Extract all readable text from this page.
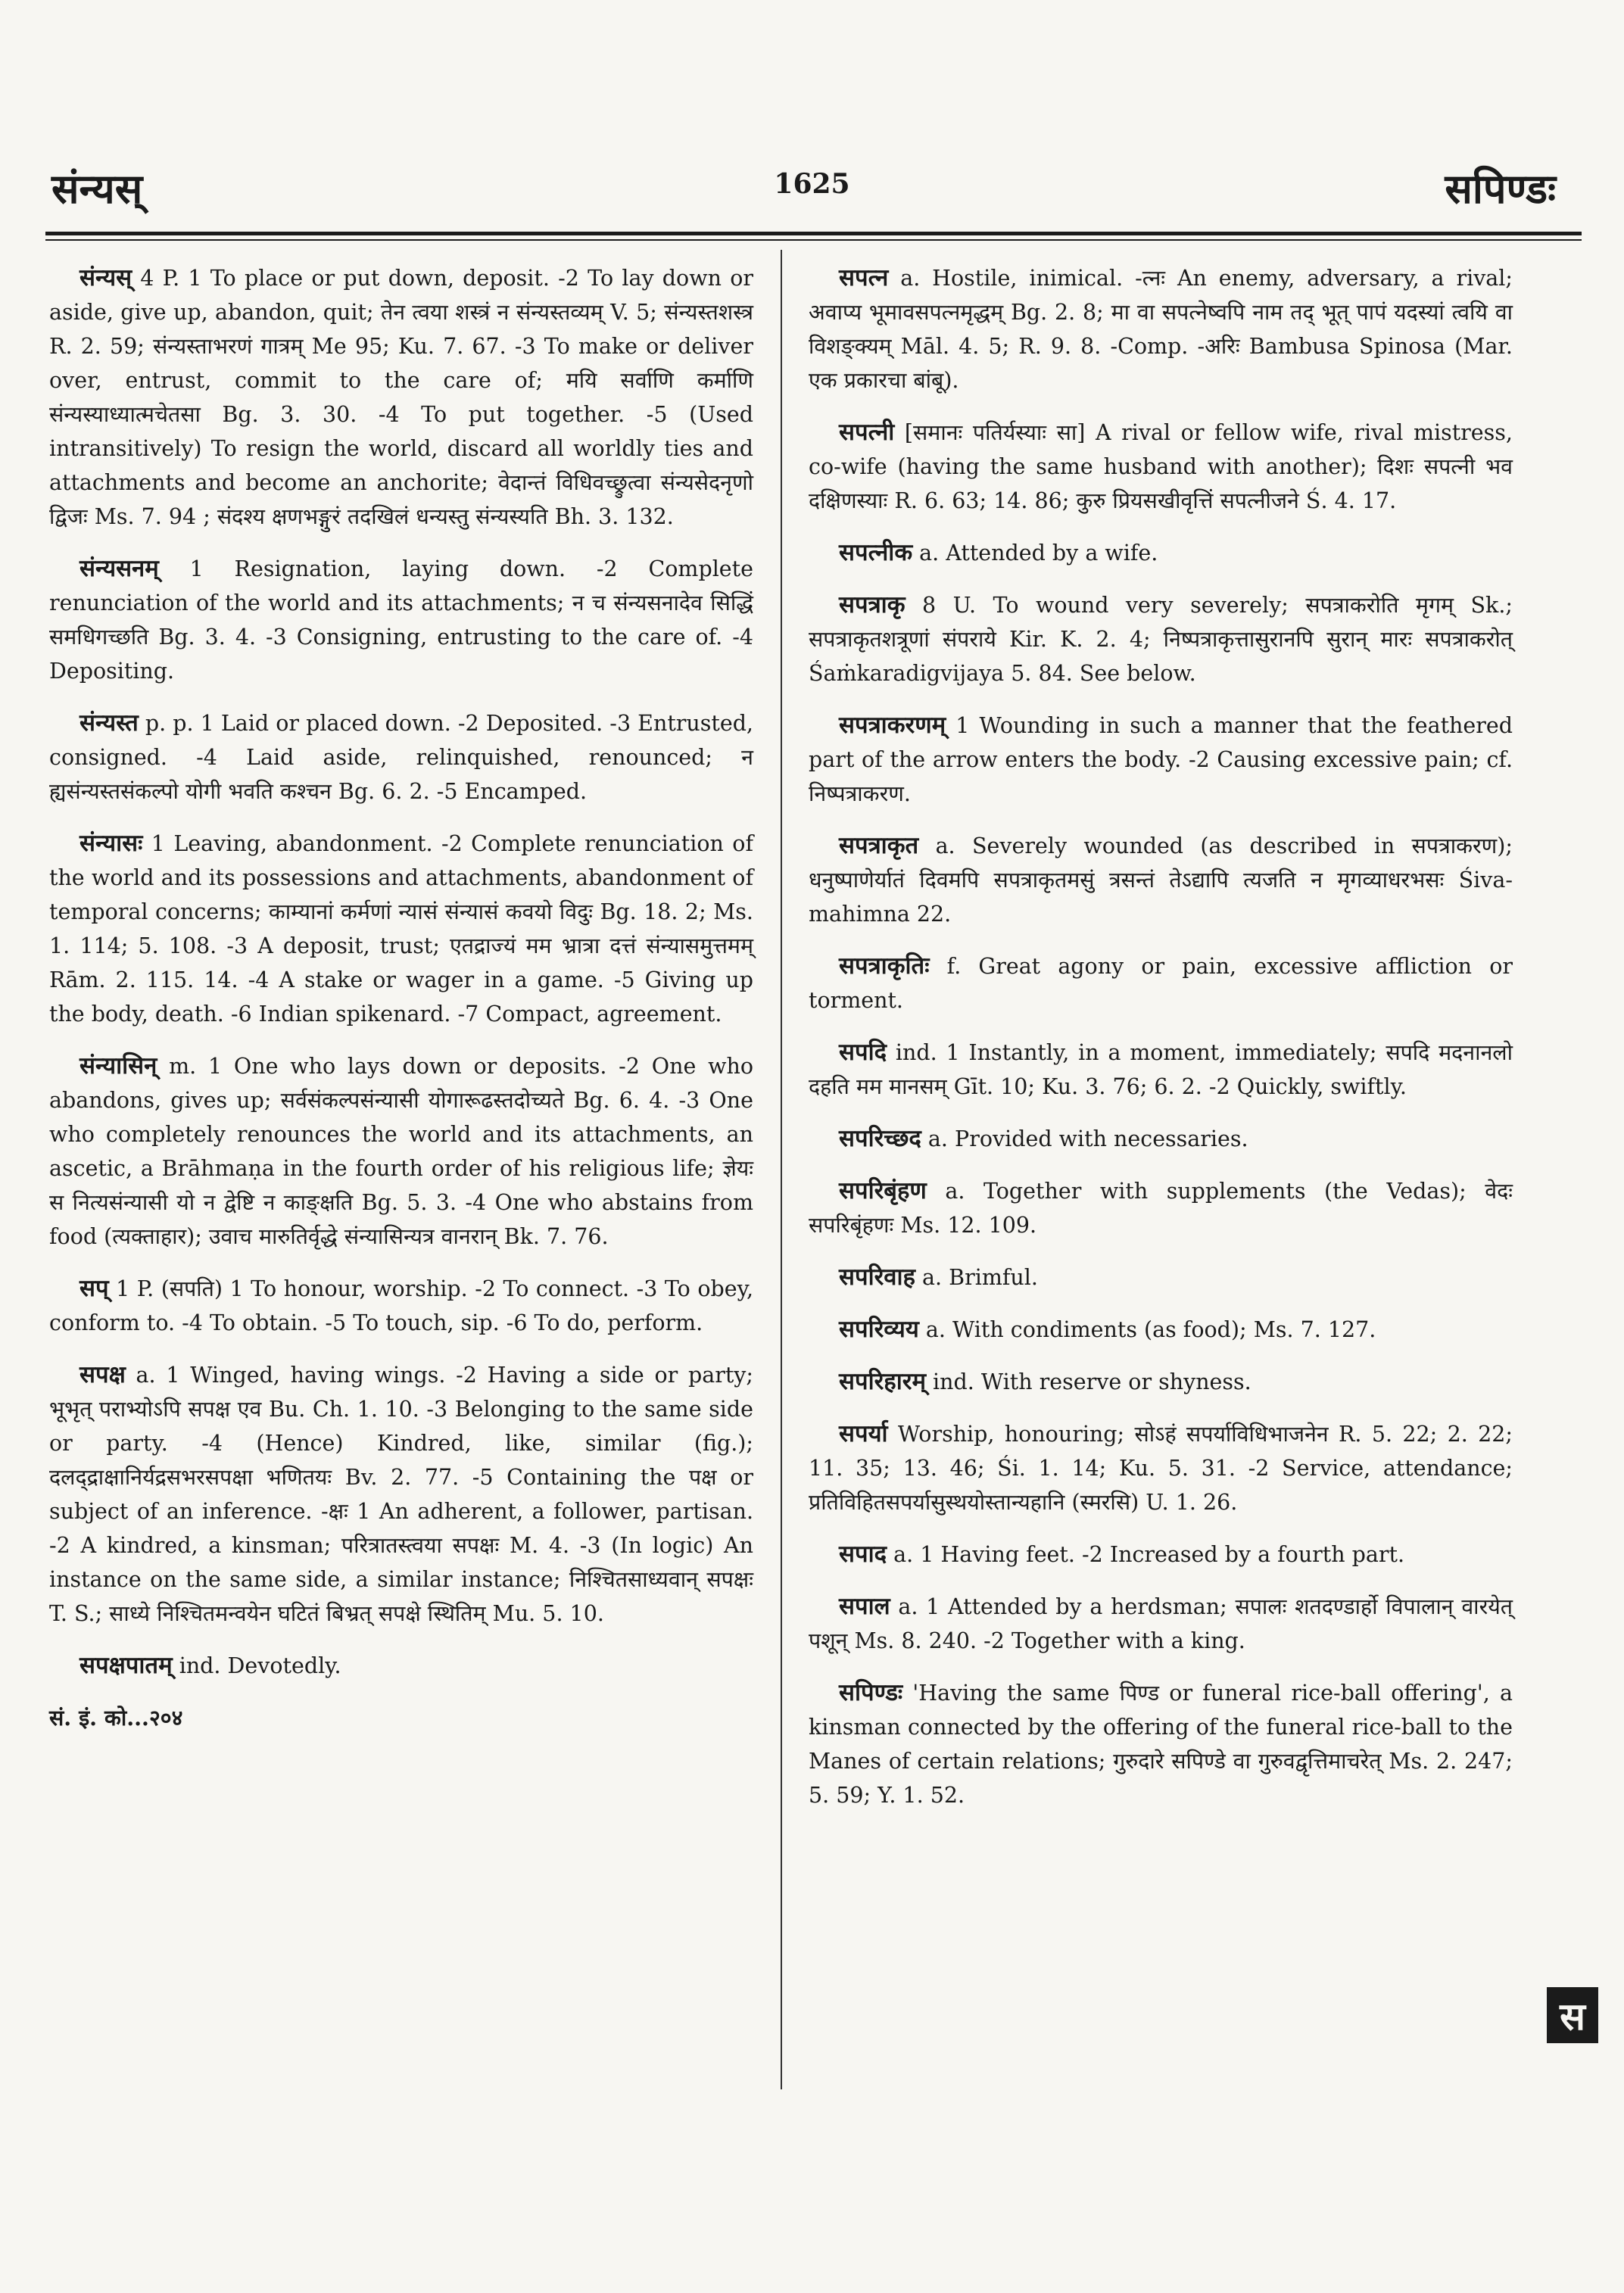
संन्यस्	1625	सपिण्डः

संन्यस् 4 P. 1 To place or put down, deposit. -2 To lay down or aside, give up, abandon, quit; तेन त्वया शस्त्रं न संन्यस्तव्यम् V. 5; संन्यस्तशस्त्र R. 2. 59; संन्यस्ताभरणं गात्रम् Me 95; Ku. 7. 67. -3 To make or deliver over, entrust, commit to the care of; मयि सर्वाणि कर्माणि संन्यस्याध्यात्मचेतसा Bg. 3. 30. -4 To put together. -5 (Used intransitively) To resign the world, discard all worldly ties and attachments and become an anchorite; वेदान्तं विधिवच्छ्रुत्वा संन्यसेदनृणो द्विजः Ms. 7. 94 ; संदश्य क्षणभङ्गुरं तदखिलं धन्यस्तु संन्यस्यति Bh. 3. 132.

संन्यसनम् 1 Resignation, laying down. -2 Complete renunciation of the world and its attachments; न च संन्यसनादेव सिद्धिं समधिगच्छति Bg. 3. 4. -3 Consigning, entrusting to the care of. -4 Depositing.

संन्यस्त p. p. 1 Laid or placed down. -2 Deposited. -3 Entrusted, consigned. -4 Laid aside, relinquished, renounced; न ह्यसंन्यस्तसंकल्पो योगी भवति कश्चन Bg. 6. 2. -5 Encamped.

संन्यासः 1 Leaving, abandonment. -2 Complete renunciation of the world and its possessions and attachments, abandonment of temporal concerns; काम्यानां कर्मणां न्यासं संन्यासं कवयो विदुः Bg. 18. 2; Ms. 1. 114; 5. 108. -3 A deposit, trust; एतद्राज्यं मम भ्रात्रा दत्तं संन्यासमुत्तमम् Rām. 2. 115. 14. -4 A stake or wager in a game. -5 Giving up the body, death. -6 Indian spikenard. -7 Compact, agreement.

संन्यासिन् m. 1 One who lays down or deposits. -2 One who abandons, gives up; सर्वसंकल्पसंन्यासी योगारूढस्तदोच्यते Bg. 6. 4. -3 One who completely renounces the world and its attachments, an ascetic, a Brāhmaṇa in the fourth order of his religious life; ज्ञेयः स नित्यसंन्यासी यो न द्वेष्टि न काङ्क्षति Bg. 5. 3. -4 One who abstains from food (त्यक्ताहार); उवाच मारुतिर्वृद्धे संन्यासिन्यत्र वानरान् Bk. 7. 76.

सप् 1 P. (सपति) 1 To honour, worship. -2 To connect. -3 To obey, conform to. -4 To obtain. -5 To touch, sip. -6 To do, perform.

सपक्ष a. 1 Winged, having wings. -2 Having a side or party; भूभृत् पराभ्योऽपि सपक्ष एव Bu. Ch. 1. 10. -3 Belonging to the same side or party. -4 (Hence) Kindred, like, similar (fig.); दलद्द्राक्षानिर्यद्रसभरसपक्षा भणितयः Bv. 2. 77. -5 Containing the पक्ष or subject of an inference. -क्षः 1 An adherent, a follower, partisan. -2 A kindred, a kinsman; परित्रातस्त्वया सपक्षः M. 4. -3 (In logic) An instance on the same side, a similar instance; निश्चितसाध्यवान् सपक्षः T. S.; साध्ये निश्चितमन्वयेन घटितं बिभ्रत् सपक्षे स्थितिम् Mu. 5. 10.

सपक्षपातम् ind. Devotedly.

सं. इं. को...२०४

सपत्न a. Hostile, inimical. -त्नः An enemy, adversary, a rival; अवाप्य भूमावसपत्नमृद्धम् Bg. 2. 8; मा वा सपत्नेष्वपि नाम तद् भूत् पापं यदस्यां त्वयि वा विशङ्क्यम् Māl. 4. 5; R. 9. 8. -Comp. -अरिः Bambusa Spinosa (Mar. एक प्रकारचा बांबू).

सपत्नी [समानः पतिर्यस्याः सा] A rival or fellow wife, rival mistress, co-wife (having the same husband with another); दिशः सपत्नी भव दक्षिणस्याः R. 6. 63; 14. 86; कुरु प्रियसखीवृत्तिं सपत्नीजने Ś. 4. 17.

सपत्नीक a. Attended by a wife.

सपत्राकृ 8 U. To wound very severely; सपत्राकरोति मृगम् Sk.; सपत्राकृतशत्रूणां संपराये Kir. K. 2. 4; निष्पत्राकृत्तासुरानपि सुरान् मारः सपत्राकरोत् Śaṁkaradigvijaya 5. 84. See below.

सपत्राकरणम् 1 Wounding in such a manner that the feathered part of the arrow enters the body. -2 Causing excessive pain; cf. निष्पत्राकरण.

सपत्राकृत a. Severely wounded (as described in सपत्राकरण); धनुष्पाणेर्यातं दिवमपि सपत्राकृतमसुं त्रसन्तं तेऽद्यापि त्यजति न मृगव्याधरभसः Śiva-mahimna 22.

सपत्राकृतिः f. Great agony or pain, excessive affliction or torment.

सपदि ind. 1 Instantly, in a moment, immediately; सपदि मदनानलो दहति मम मानसम् Gīt. 10; Ku. 3. 76; 6. 2. -2 Quickly, swiftly.

सपरिच्छद a. Provided with necessaries.

सपरिबृंहण a. Together with supplements (the Vedas); वेदः सपरिबृंहणः Ms. 12. 109.

सपरिवाह a. Brimful.

सपरिव्यय a. With condiments (as food); Ms. 7. 127.

सपरिहारम् ind. With reserve or shyness.

सपर्या Worship, honouring; सोऽहं सपर्याविधिभाजनेन R. 5. 22; 2. 22; 11. 35; 13. 46; Śi. 1. 14; Ku. 5. 31. -2 Service, attendance; प्रतिविहितसपर्यासुस्थयोस्तान्यहानि (स्मरसि) U. 1. 26.

सपाद a. 1 Having feet. -2 Increased by a fourth part.

सपाल a. 1 Attended by a herdsman; सपालः शतदण्डार्हो विपालान् वारयेत् पशून् Ms. 8. 240. -2 Together with a king.

सपिण्डः 'Having the same पिण्ड or funeral rice-ball offering', a kinsman connected by the offering of the funeral rice-ball to the Manes of certain relations; गुरुदारे सपिण्डे वा गुरुवद्वृत्तिमाचरेत् Ms. 2. 247; 5. 59; Y. 1. 52.

स
